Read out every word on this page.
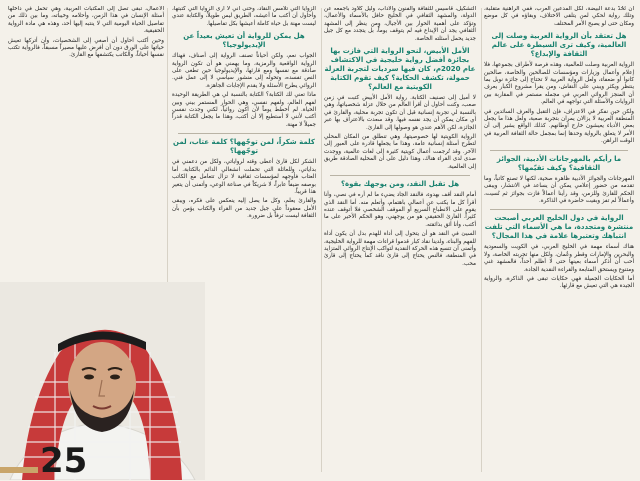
أن تَحُدّ بدعة البيضة، لكل المدعين العرب، ففي الراهنية متقلبة، وتلك رواية لحكي لمن يتلقى الاختلاف، وبقاؤه في كل موضع ومكان حتى لو يصبح الأمر المختلف
هل تعتقد بأن الرواية العربية وصلت إلى العالمية، وكيف ترى السيطرة على عالم الثقافة والإبداع؟
الرواية العربية وصلت للعالمية، وهذه فرصة لأطراف بجموعها، فلا إعلام وأعمال وزيارات ومؤسسات للصالحين والخاصة، صالحين كانوا أو ضعفاء، ولعل الرواية العربية لا تحتاج إلى جائزة نوبل بما ينتظر ويكثر ويبني على النقاش، ومن يقرأ مشروع الكبار يعرف أن المنجز الروائي العربي في مجمله مستمر في المقاربة بين الروايات والأسئلة التي تواجهه في العالم.
ولكن حين نفكر في الاعتراف، فإن التقبل والعرف السائدين في المنطقة العربية لا يزالان يمران بتجربة صعبة، ولعل هذا ما يجعل بعض الأدباء يعيشون خارج أوطانهم. كذلك الواقع يشير إلى أن الأمر لا يتعلق بالرواية وحدها إنما بمجمل حالة الثقافة العربية في الوقت الراهن.
ما رأيكم بالمهرجانات الأدبية، الجوائز الثقافية؟ وكيف تقيّمها؟
المهرجانات والجوائز الأدبية ظاهرة صحية، لكنها لا تصنع كاتباً، وما تقدمه من حضور إعلامي يمكن أن يساعد في الانتشار، ويبقى الحكم للقارئ وللزمن، وقد رأينا أعمالاً فازت بجوائز ثم نُسيت، وأعمالاً لم تفز وبقيت حاضرة في الذاكرة.
الرواية في دول الخليج العربي أصبحت منتشرة ومتجددة، ما هي الأسماء التي تلفت انتباهك وتعتبرها علامة في هذا المجال؟
هناك أسماء مهمة في الخليج العربي، في الكويت والسعودية والبحرين والإمارات وقطر وعُمان، ولكل منها تجربته الخاصة، ولا أحب أن أذكر أسماء بعينها حتى لا أظلم أحداً، فالمشهد غني ومتنوع ويستحق المتابعة والقراءة النقدية الجادة.
أما الحكايات الجميلة فهي حكايات تبقى في الذاكرة، والرواية الجيدة هي التي تعيش مع قارئها.
التشكيل، قاسيس للثقافة والفنون والآداب، وليل كلاود بأجمعه عن الدولة، والمشهد الثقافي في الخليج حافل بالأسماء والأعمال، وتؤكد على أهمية الحوار بين الأجيال، ومن ينظر إلى المشهد الثقافي يجد أن الإبداع فيه لم يتوقف يوماً، بل يتجدد مع كل جيل جديد يحمل أسئلته الخاصة.
الأمل الأبيض، لنحو الرواية التي فازت بها بجائزة أفضل رواية خليجية في الاكتشاف عام 2020م، كان فيها سرديات لتجربة العزلة حمولة، تكشف الحكاية؟ كيف تقوم الكتابة الكويتية مع العالم؟
لا أميل إلى تصنيف الكتابة. رواية الأمل الأبيض كتبت في زمن صعب، وكنت أحاول أن أقرأ العالم من خلال عزلة شخصياتها، وهي بالنسبة لي تجربة إنسانية قبل أن تكون تجربة محلية، والقارئ في أي مكان يمكن أن يجد نفسه فيها. وقد سعدت بالاعتراف بها عبر الجائزة، لكن الأهم عندي هو وصولها إلى القارئ.
الرواية الكويتية لها خصوصيتها، وهي تنطلق من المكان المحلي لتطرح أسئلة إنسانية عامة، وهذا ما يجعلها قادرة على العبور إلى الآخر. وقد تُرجمت أعمال كويتية كثيرة إلى لغات عالمية، ووجدت صدى لدى القراء هناك، وهذا دليل على أن المحلية الصادقة طريق إلى العالمية.
هل تقبل النقد، ومن يوجهك بقوة؟
أمام النقد أقف بهدوء، فالنقد الجاد يضيء ما لم أره في نصي، وأنا أقرأ كل ما يكتب عن أعمالي باهتمام، وأتعلم منه. أما النقد الذي يقوم على الانطباع السريع أو الموقف الشخصي فلا أتوقف عنده كثيراً. القارئ الحقيقي هو من يوجهني، وهو الحكم الأخير على ما أكتب، وأنا أثق بذائقته.
السيئ في النقد هو أن يتحول إلى أداة للهدم بدل أن يكون أداة للفهم والبناء، ولدينا نقاد كبار قدموا قراءات مهمة للرواية الخليجية، وأتمنى أن تتسع هذه الحركة النقدية لتواكب الإنتاج الروائي المتزايد في المنطقة، فالنص يحتاج إلى قارئ ناقد كما يحتاج إلى قارئ محب.
الزوايا التي تلامس النقاد، وحتى أني لا أرى الزوايا التي كتبتها، وأحاول أن أكتب ما أعيشه، الطريق ليس طويلاً، والكتابة عندي ليست مهنة بل حياة كاملة أعيشها بكل تفاصيلها.
هل يمكن للرواية أن تعيش بعيداً عن الإيديولوجيا؟
الجواب نعم، ولكن أحياناً تصنف الرواية إلى أصناف، فهناك الرواية الواقعية والرمزية، وما يهمني هو أن تكون الرواية صادقة مع نفسها ومع قارئها، والإيديولوجيا حين تطغى على النص تفسده، وتحوله إلى منشور سياسي لا إلى عمل فني. الروائي يطرح الأسئلة ولا يقدم الإجابات الجاهزة.
ماذا تعني لك الكتابة؟ الكتابة بالنسبة لي هي الطريقة الوحيدة لفهم العالم، ولفهم نفسي، وهي الحوار المستمر بيني وبين الحياة. لم أخطط يوماً لأن أكون روائياً، لكني وجدت نفسي أكتب لأنني لا أستطيع إلا أن أكتب، وهذا ما يجعل الكتابة قدراً جميلاً لا مهنة.
كلمة شكراً، لمن توجّهها؟ كلمة عتاب، لمن توجّهها؟
الشكر لكل قارئ أعطى وقته لرواياتي، ولكل من دعمني في بداياتي، وللعائلة التي تحملت انشغالي الدائم بالكتابة. أما العتاب فأوجهه لمؤسسات ثقافية لا تزال تتعامل مع الكاتب بوصفه ضيفاً عابراً، لا شريكاً في صناعة الوعي، وأتمنى أن يتغير هذا قريباً.
والقارئ يعلم، وكل ما يصل إليه ينعكس على فكره، ويبقى الأمل معقوداً على جيل جديد من القراء والكتاب يؤمن بأن الثقافة ليست ترفاً بل ضرورة.
الأعمال، تبقى تصل إلى المكتبات العربية، وهي تحمل في داخلها أسئلة الإنسان في هذا الزمن، وأحلامه وخيباته، وما بين ذلك من تفاصيل الحياة اليومية التي لا ينتبه إليها أحد، وهذه هي مادة الرواية الحقيقية.
وحين أكتب أحاول أن أصغي إلى الشخصيات، وأن أتركها تعيش حياتها على الورق دون أن أفرض عليها مصيراً مسبقاً، فالرواية تكتب نفسها أحياناً، والكاتب يكتشفها مع القارئ.
25
